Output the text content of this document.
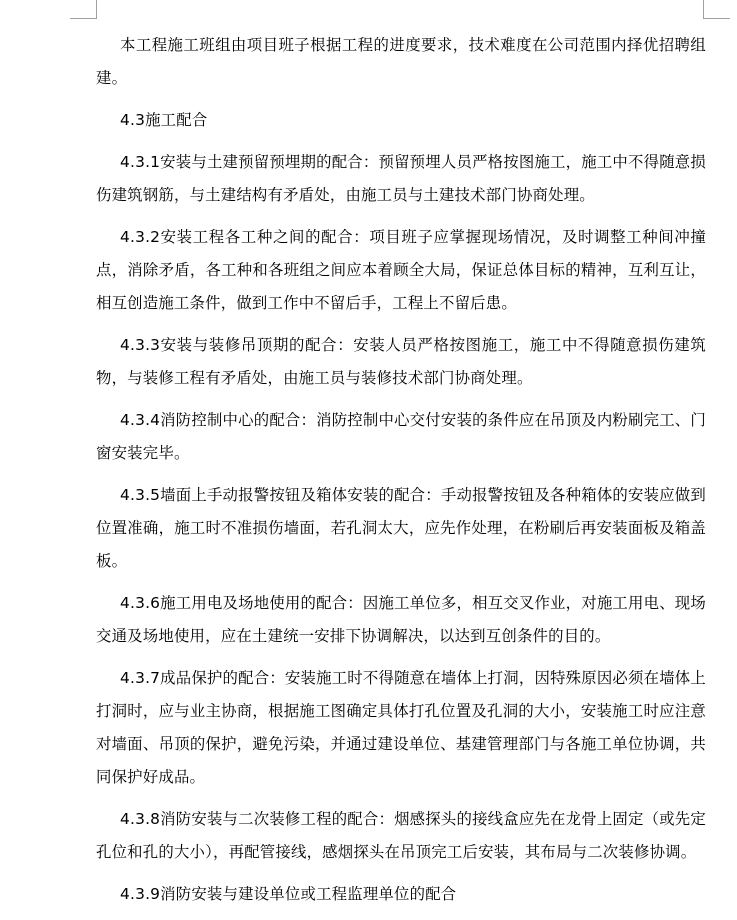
本工程施工班组由项目班子根据工程的进度要求，技术难度在公司范围内择优招聘组建。

4.3施工配合

4.3.1安装与土建预留预埋期的配合：预留预埋人员严格按图施工，施工中不得随意损伤建筑钢筋，与土建结构有矛盾处，由施工员与土建技术部门协商处理。

4.3.2安装工程各工种之间的配合：项目班子应掌握现场情况，及时调整工种间冲撞点，消除矛盾，各工种和各班组之间应本着顾全大局，保证总体目标的精神，互利互让，相互创造施工条件，做到工作中不留后手，工程上不留后患。

4.3.3安装与装修吊顶期的配合：安装人员严格按图施工，施工中不得随意损伤建筑物，与装修工程有矛盾处，由施工员与装修技术部门协商处理。

4.3.4消防控制中心的配合：消防控制中心交付安装的条件应在吊顶及内粉刷完工、门窗安装完毕。

4.3.5墙面上手动报警按钮及箱体安装的配合：手动报警按钮及各种箱体的安装应做到位置准确，施工时不准损伤墙面，若孔洞太大，应先作处理，在粉刷后再安装面板及箱盖板。

4.3.6施工用电及场地使用的配合：因施工单位多，相互交叉作业，对施工用电、现场交通及场地使用，应在土建统一安排下协调解决，以达到互创条件的目的。

4.3.7成品保护的配合：安装施工时不得随意在墙体上打洞，因特殊原因必须在墙体上打洞时，应与业主协商，根据施工图确定具体打孔位置及孔洞的大小，安装施工时应注意对墙面、吊顶的保护，避免污染，并通过建设单位、基建管理部门与各施工单位协调，共同保护好成品。

4.3.8消防安装与二次装修工程的配合：烟感探头的接线盒应先在龙骨上固定（或先定孔位和孔的大小），再配管接线，感烟探头在吊顶完工后安装，其布局与二次装修协调。

4.3.9消防安装与建设单位或工程监理单位的配合
